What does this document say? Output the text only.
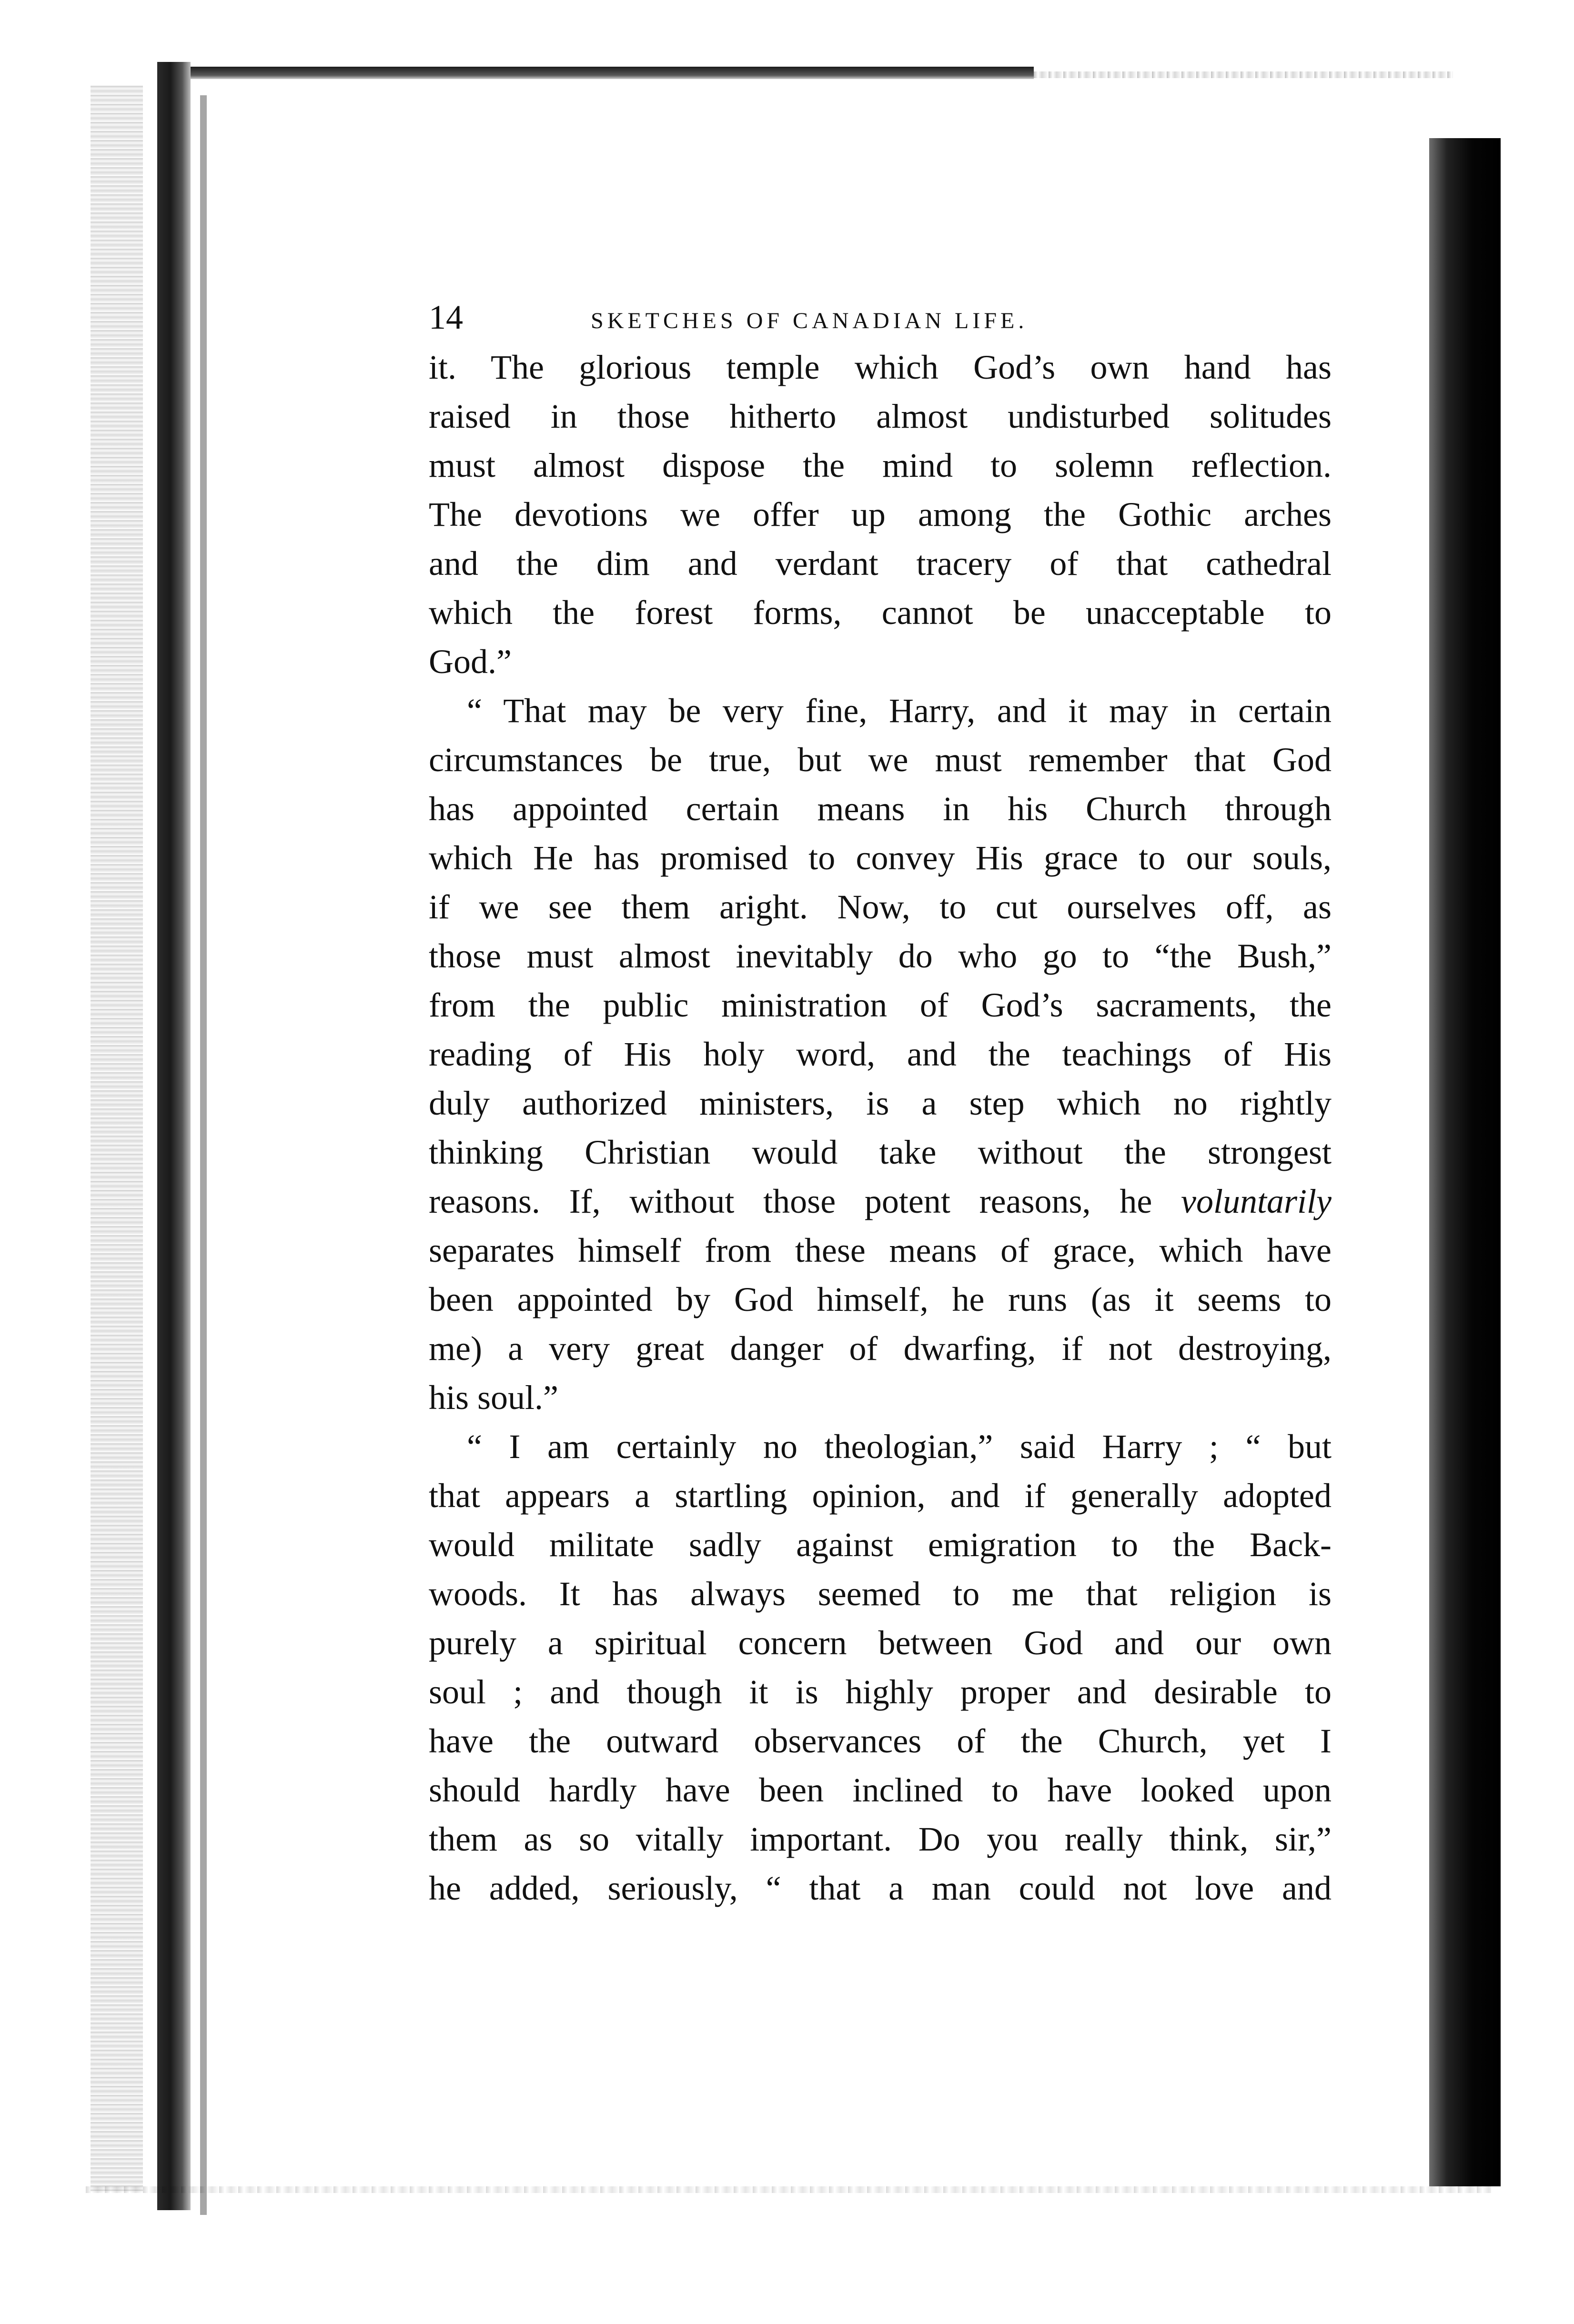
14	SKETCHES OF CANADIAN LIFE.
it. The glorious temple which God’s own hand has
raised in those hitherto almost undisturbed solitudes
must almost dispose the mind to solemn reflection.
The devotions we offer up among the Gothic arches
and the dim and verdant tracery of that cathedral
which the forest forms, cannot be unacceptable to
God.”
“ That may be very fine, Harry, and it may in certain
circumstances be true, but we must remember that God
has appointed certain means in his Church through
which He has promised to convey His grace to our souls,
if we see them aright. Now, to cut ourselves off, as
those must almost inevitably do who go to “the Bush,”
from the public ministration of God’s sacraments, the
reading of His holy word, and the teachings of His
duly authorized ministers, is a step which no rightly
thinking Christian would take without the strongest
reasons. If, without those potent reasons, he voluntarily
separates himself from these means of grace, which have
been appointed by God himself, he runs (as it seems to
me) a very great danger of dwarfing, if not destroying,
his soul.”
“ I am certainly no theologian,” said Harry ; “ but
that appears a startling opinion, and if generally adopted
would militate sadly against emigration to the Back-
woods. It has always seemed to me that religion is
purely a spiritual concern between God and our own
soul ; and though it is highly proper and desirable to
have the outward observances of the Church, yet I
should hardly have been inclined to have looked upon
them as so vitally important. Do you really think, sir,”
he added, seriously, “ that a man could not love and
